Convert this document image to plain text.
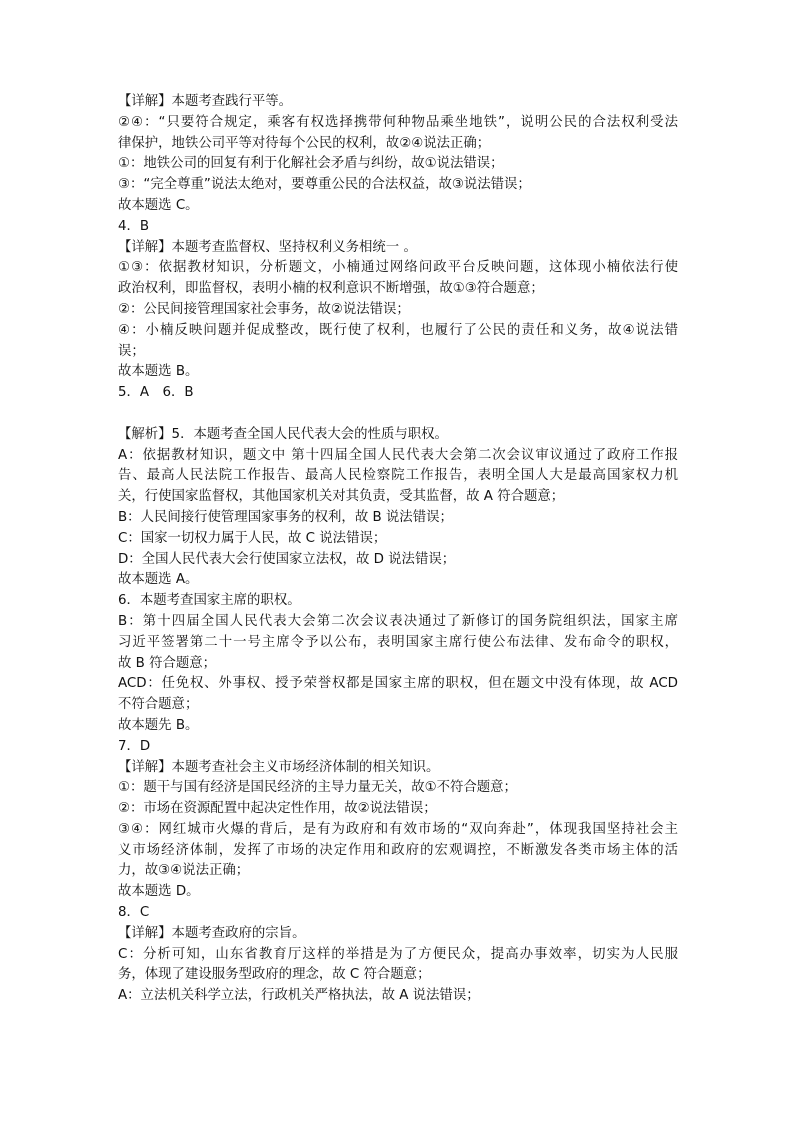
【详解】本题考查践行平等。
②④：“只要符合规定，乘客有权选择携带何种物品乘坐地铁”，说明公民的合法权利受法
律保护，地铁公司平等对待每个公民的权利，故②④说法正确；
①：地铁公司的回复有利于化解社会矛盾与纠纷，故①说法错误；
③：“完全尊重”说法太绝对，要尊重公民的合法权益，故③说法错误；
故本题选 C。
4．B
【详解】本题考查监督权、坚持权利义务相统一 。
①③：依据教材知识，分析题文，小楠通过网络问政平台反映问题，这体现小楠依法行使
政治权利，即监督权，表明小楠的权利意识不断增强，故①③符合题意；
②：公民间接管理国家社会事务，故②说法错误；
④：小楠反映问题并促成整改，既行使了权利，也履行了公民的责任和义务，故④说法错
误；
故本题选 B。
5．A　6．B
【解析】5．本题考查全国人民代表大会的性质与职权。
A：依据教材知识，题文中 第十四届全国人民代表大会第二次会议审议通过了政府工作报
告、最高人民法院工作报告、最高人民检察院工作报告，表明全国人大是最高国家权力机
关，行使国家监督权，其他国家机关对其负责，受其监督，故 A 符合题意；
B：人民间接行使管理国家事务的权利，故 B 说法错误；
C：国家一切权力属于人民，故 C 说法错误；
D：全国人民代表大会行使国家立法权，故 D 说法错误；
故本题选 A。
6．本题考查国家主席的职权。
B：第十四届全国人民代表大会第二次会议表决通过了新修订的国务院组织法，国家主席
习近平签署第二十一号主席令予以公布，表明国家主席行使公布法律、发布命令的职权，
故 B 符合题意；
ACD：任免权、外事权、授予荣誉权都是国家主席的职权，但在题文中没有体现，故 ACD
不符合题意；
故本题先 B。
7．D
【详解】本题考查社会主义市场经济体制的相关知识。
①：题干与国有经济是国民经济的主导力量无关，故①不符合题意；
②：市场在资源配置中起决定性作用，故②说法错误；
③④：网红城市火爆的背后，是有为政府和有效市场的“双向奔赴”，体现我国坚持社会主
义市场经济体制，发挥了市场的决定作用和政府的宏观调控，不断激发各类市场主体的活
力，故③④说法正确；
故本题选 D。
8．C
【详解】本题考查政府的宗旨。
C：分析可知，山东省教育厅这样的举措是为了方便民众，提高办事效率，切实为人民服
务，体现了建设服务型政府的理念，故 C 符合题意；
A：立法机关科学立法，行政机关严格执法，故 A 说法错误；
